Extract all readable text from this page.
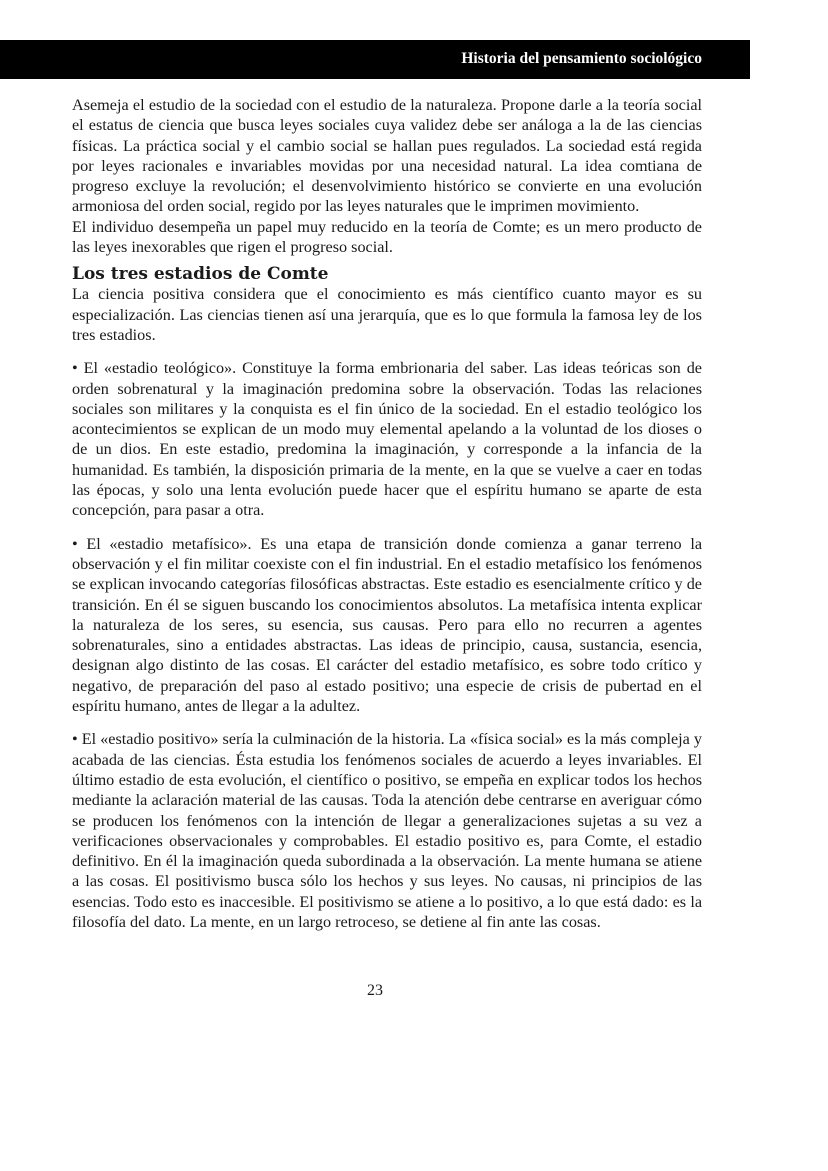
Historia del pensamiento sociológico

Asemeja el estudio de la sociedad con el estudio de la naturaleza. Propone darle a la teoría social el estatus de ciencia que busca leyes sociales cuya validez debe ser análoga a la de las ciencias físicas. La práctica social y el cambio social se hallan pues regulados. La sociedad está regida por leyes racionales e invariables movidas por una necesidad natural. La idea comtiana de progreso excluye la revolución; el desenvolvimiento histórico se convierte en una evolución armoniosa del orden social, regido por las leyes naturales que le imprimen movimiento.

El individuo desempeña un papel muy reducido en la teoría de Comte; es un mero producto de las leyes inexorables que rigen el progreso social.

Los tres estadios de Comte

La ciencia positiva considera que el conocimiento es más científico cuanto mayor es su especialización. Las ciencias tienen así una jerarquía, que es lo que formula la famosa ley de los tres estadios.

• El «estadio teológico». Constituye la forma embrionaria del saber. Las ideas teóricas son de orden sobrenatural y la imaginación predomina sobre la observación. Todas las relaciones sociales son militares y la conquista es el fin único de la sociedad. En el estadio teológico los acontecimientos se explican de un modo muy elemental apelando a la voluntad de los dioses o de un dios. En este estadio, predomina la imaginación, y corresponde a la infancia de la humanidad. Es también, la disposición primaria de la mente, en la que se vuelve a caer en todas las épocas, y solo una lenta evolución puede hacer que el espíritu humano se aparte de esta concepción, para pasar a otra.

• El «estadio metafísico». Es una etapa de transición donde comienza a ganar terreno la observación y el fin militar coexiste con el fin industrial. En el estadio metafísico los fenómenos se explican invocando categorías filosóficas abstractas. Este estadio es esencialmente crítico y de transición. En él se siguen buscando los conocimientos absolutos. La metafísica intenta explicar la naturaleza de los seres, su esencia, sus causas. Pero para ello no recurren a agentes sobrenaturales, sino a entidades abstractas. Las ideas de principio, causa, sustancia, esencia, designan algo distinto de las cosas. El carácter del estadio metafísico, es sobre todo crítico y negativo, de preparación del paso al estado positivo; una especie de crisis de pubertad en el espíritu humano, antes de llegar a la adultez.

• El «estadio positivo» sería la culminación de la historia. La «física social» es la más compleja y acabada de las ciencias. Ésta estudia los fenómenos sociales de acuerdo a leyes invariables. El último estadio de esta evolución, el científico o positivo, se empeña en explicar todos los hechos mediante la aclaración material de las causas. Toda la atención debe centrarse en averiguar cómo se producen los fenómenos con la intención de llegar a generalizaciones sujetas a su vez a verificaciones observacionales y comprobables. El estadio positivo es, para Comte, el estadio definitivo. En él la imaginación queda subordinada a la observación. La mente humana se atiene a las cosas. El positivismo busca sólo los hechos y sus leyes. No causas, ni principios de las esencias. Todo esto es inaccesible. El positivismo se atiene a lo positivo, a lo que está dado: es la filosofía del dato. La mente, en un largo retroceso, se detiene al fin ante las cosas.

23
